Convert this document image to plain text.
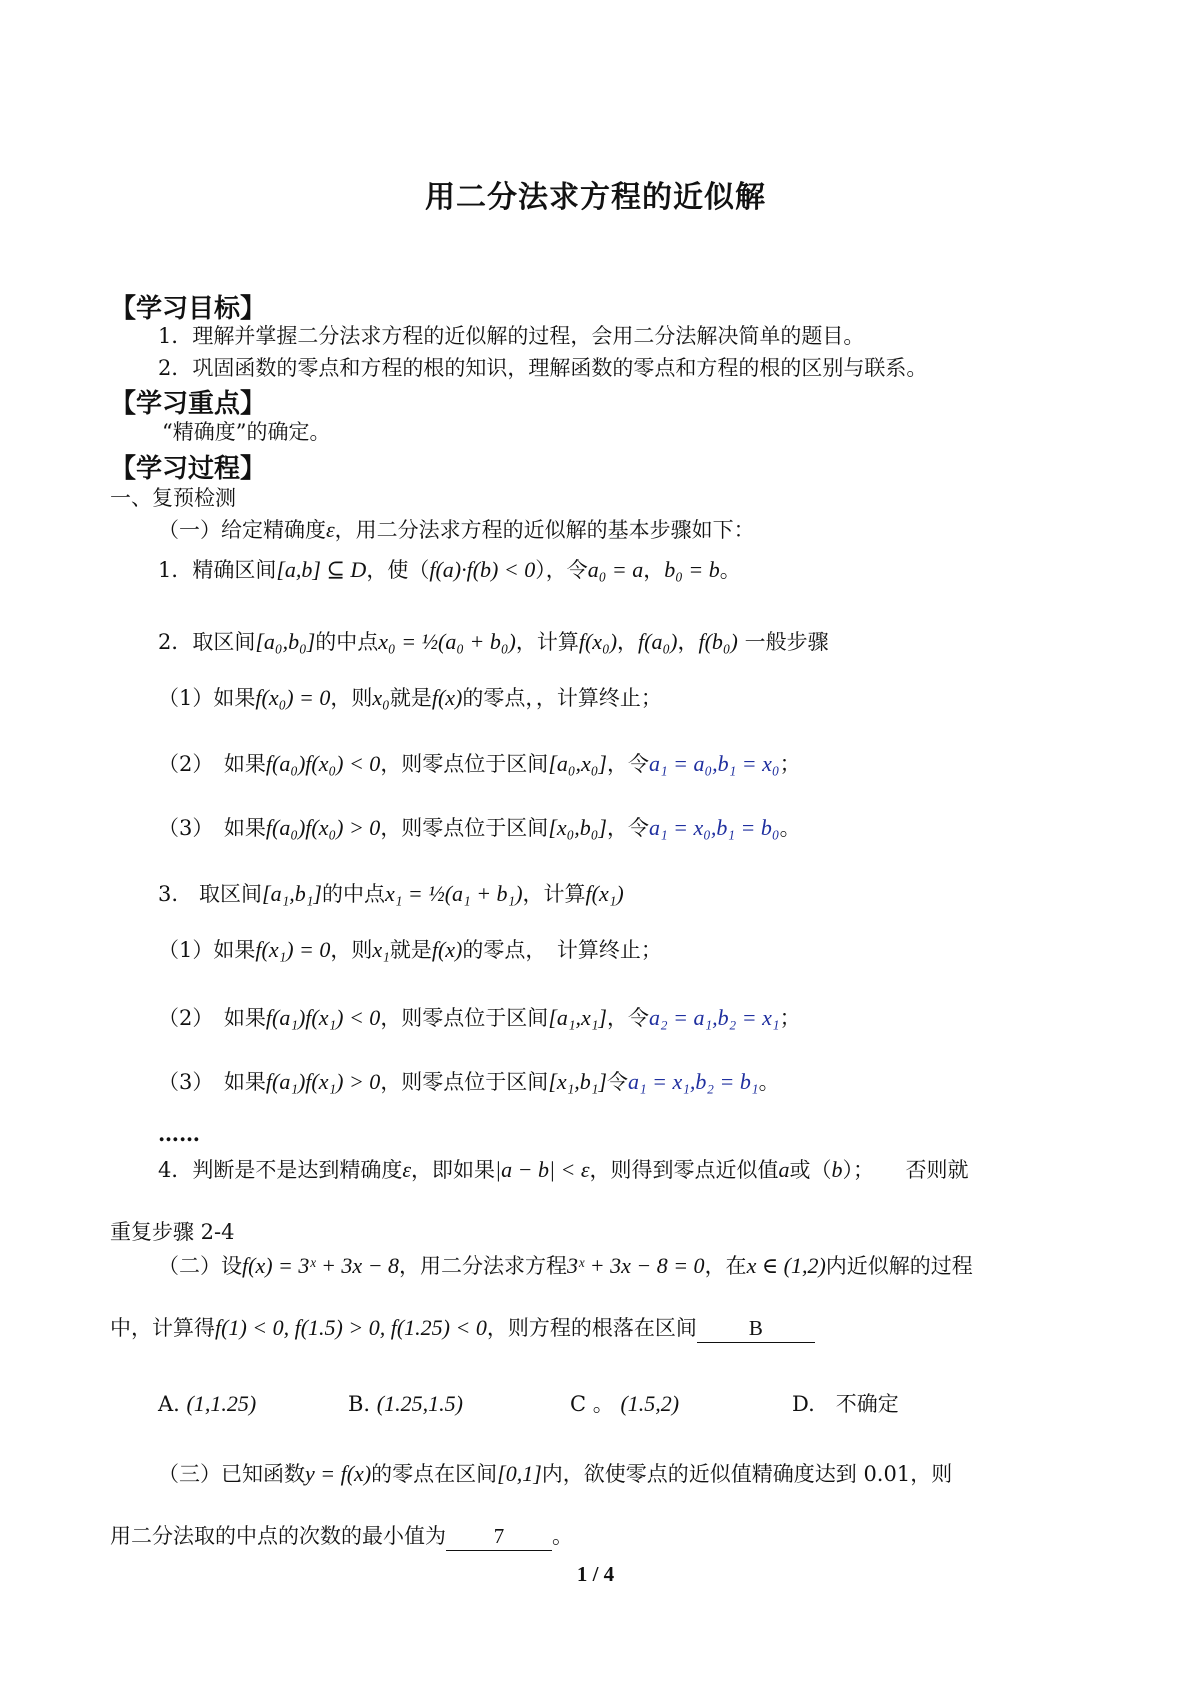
用二分法求方程的近似解
【学习目标】
1．理解并掌握二分法求方程的近似解的过程，会用二分法解决简单的题目。
2．巩固函数的零点和方程的根的知识，理解函数的零点和方程的根的区别与联系。
【学习重点】
“精确度”的确定。
【学习过程】
一、复预检测
（一）给定精确度ε，用二分法求方程的近似解的基本步骤如下：
1．精确区间[a,b] ⊆ D，使（f(a)·f(b) < 0），令a₀ = a，b₀ = b。
2．取区间[a₀,b₀]的中点x₀ = ½(a₀ + b₀)，计算f(x₀)，f(a₀)，f(b₀) 一般步骤
（1）如果f(x₀) = 0，则x₀就是f(x)的零点，，计算终止；
（2）　如果f(a₀)f(x₀) < 0，则零点位于区间[a₀,x₀]，令a₁ = a₀,b₁ = x₀；
（3）　如果f(a₀)f(x₀) > 0，则零点位于区间[x₀,b₀]，令a₁ = x₀,b₁ = b₀。
3.　取区间[a₁,b₁]的中点x₁ = ½(a₁ + b₁)，计算f(x₁)
（1）如果f(x₁) = 0，则x₁就是f(x)的零点，　计算终止；
（2）　如果f(a₁)f(x₁) < 0，则零点位于区间[a₁,x₁]，令a₂ = a₁,b₂ = x₁；
（3）　如果f(a₁)f(x₁) > 0，则零点位于区间[x₁,b₁]令a₁ = x₁,b₂ = b₁。
……
4．判断是不是达到精确度ε，即如果|a − b| < ε，则得到零点近似值a或（b）；　　否则就
重复步骤 2-4
（二）设f(x) = 3ˣ + 3x − 8，用二分法求方程3ˣ + 3x − 8 = 0，在x ∈ (1,2)内近似解的过程
中，计算得f(1) < 0, f(1.5) > 0, f(1.25) < 0，则方程的根落在区间 B
A. (1,1.25)	B. (1.25,1.5)	C 。 (1.5,2)	D.　 不确定
（三）已知函数y = f(x)的零点在区间[0,1]内，欲使零点的近似值精确度达到 0.01，则
用二分法取的中点的次数的最小值为 7 。
1 / 4
